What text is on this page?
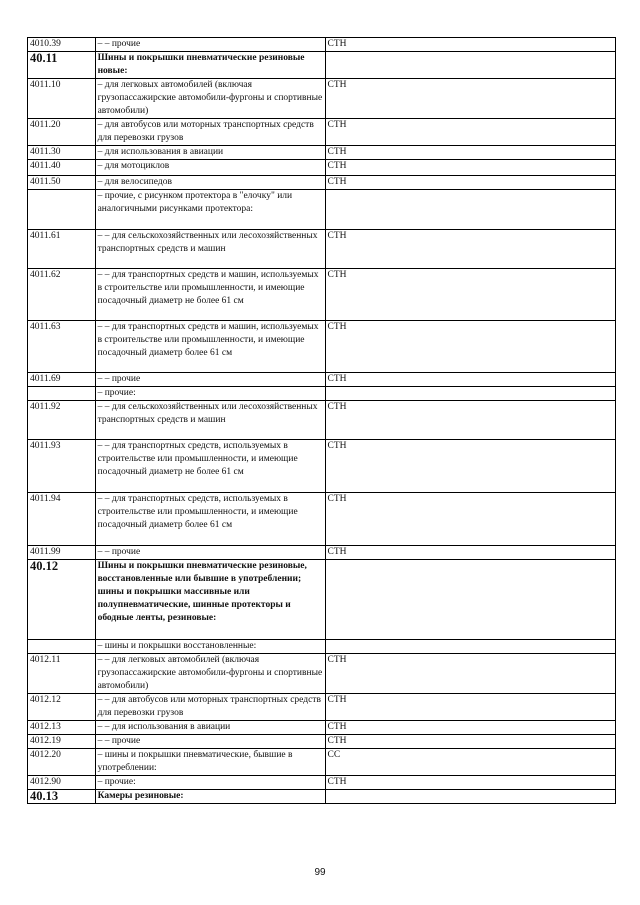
4010.39	– – прочие	СТН
40.11	Шины и покрышки пневматические резиновые новые:	
4011.10	– для легковых автомобилей (включая грузопассажирские автомобили-фургоны и спортивные автомобили)	СТН
4011.20	– для автобусов или моторных транспортных средств для перевозки грузов	СТН
4011.30	– для использования в авиации	СТН
4011.40	– для мотоциклов	СТН
4011.50	– для велосипедов	СТН
	– прочие, с рисунком протектора в "елочку" или аналогичными рисунками протектора:	
4011.61	– – для сельскохозяйственных или лесохозяйственных транспортных средств и машин	СТН
4011.62	– – для транспортных средств и машин, используемых в строительстве или промышленности, и имеющие посадочный диаметр не более 61 см	СТН
4011.63	– – для транспортных средств и машин, используемых в строительстве или промышленности, и имеющие посадочный диаметр более 61 см	СТН
4011.69	– – прочие	СТН
	– прочие:	
4011.92	– – для сельскохозяйственных или лесохозяйственных транспортных средств и машин	СТН
4011.93	– – для транспортных средств, используемых в строительстве или промышленности, и имеющие посадочный диаметр не более 61 см	СТН
4011.94	– – для транспортных средств, используемых в строительстве или промышленности, и имеющие посадочный диаметр более 61 см	СТН
4011.99	– – прочие	СТН
40.12	Шины и покрышки пневматические резиновые, восстановленные или бывшие в употреблении; шины и покрышки массивные или полупневматические, шинные протекторы и ободные ленты, резиновые:	
	– шины и покрышки восстановленные:	
4012.11	– – для легковых автомобилей (включая грузопассажирские автомобили-фургоны и спортивные автомобили)	СТН
4012.12	– – для автобусов или моторных транспортных средств для перевозки грузов	СТН
4012.13	– – для использования в авиации	СТН
4012.19	– – прочие	СТН
4012.20	– шины и покрышки пневматические, бывшие в употреблении:	СС
4012.90	– прочие:	СТН
40.13	Камеры резиновые:	
99
